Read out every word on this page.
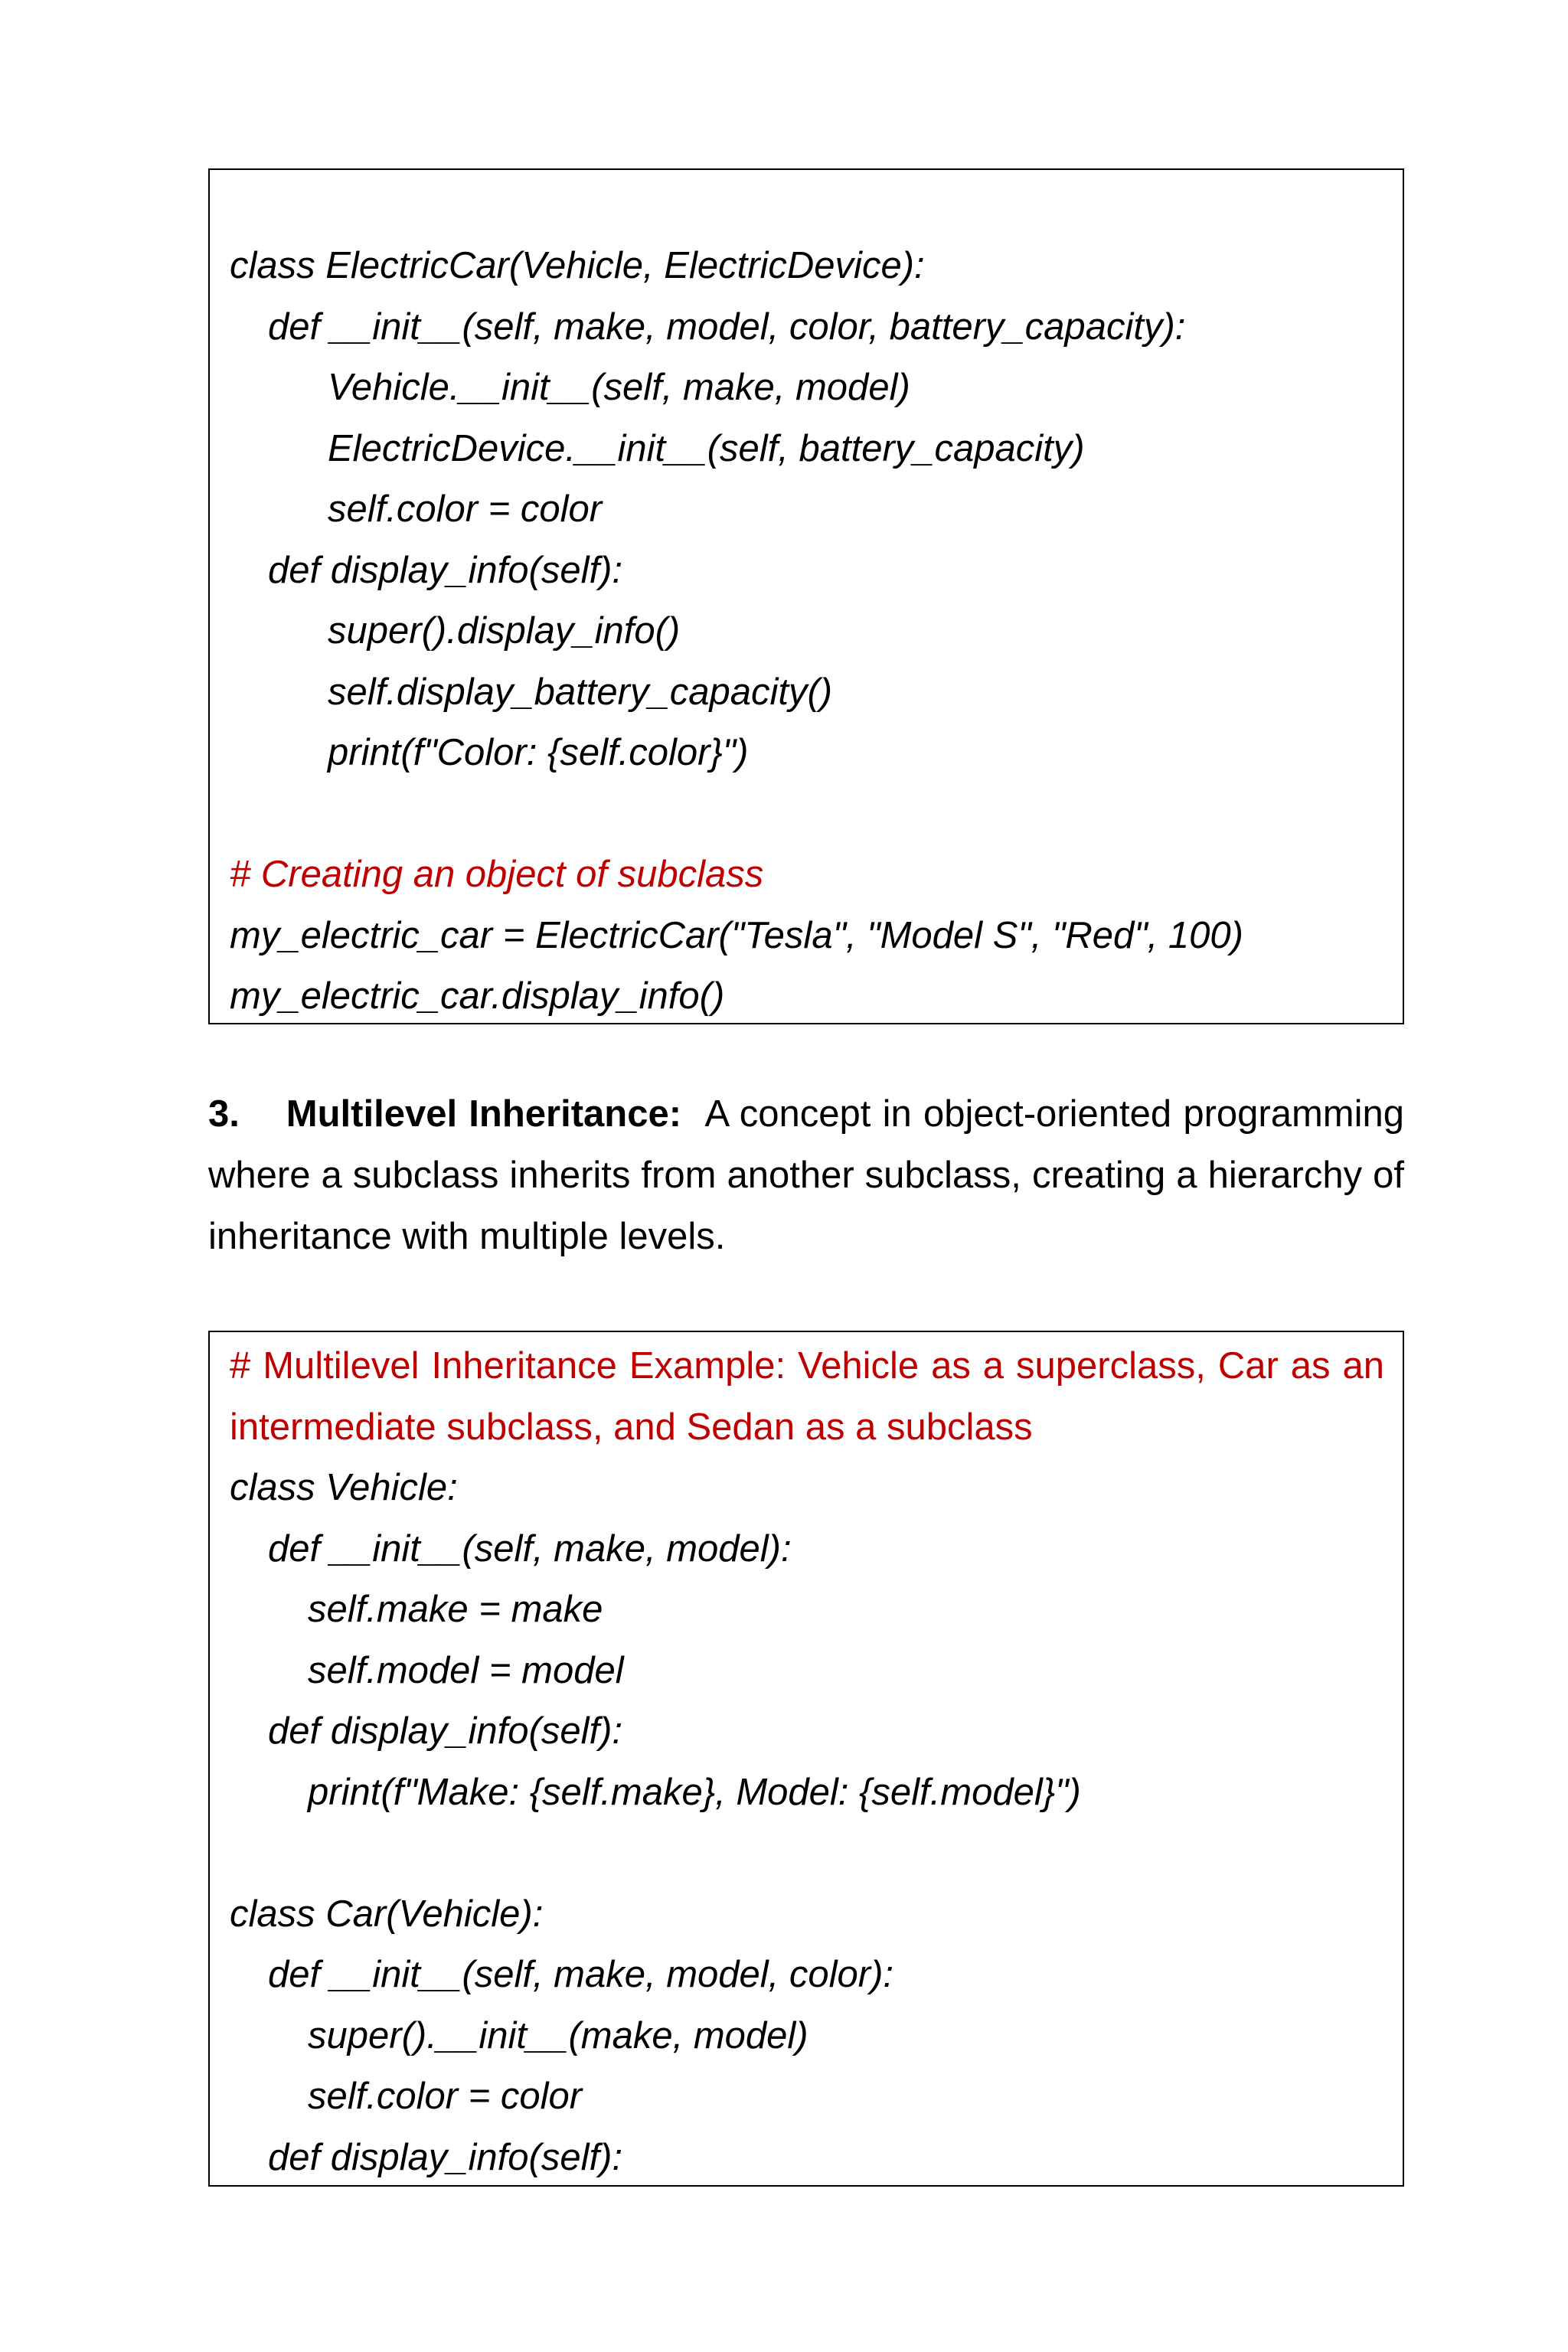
class ElectricCar(Vehicle, ElectricDevice):
def __init__(self, make, model, color, battery_capacity):
Vehicle.__init__(self, make, model)
ElectricDevice.__init__(self, battery_capacity)
self.color = color
def display_info(self):
super().display_info()
self.display_battery_capacity()
print(f"Color: {self.color}")
# Creating an object of subclass
my_electric_car = ElectricCar("Tesla", "Model S", "Red", 100)
my_electric_car.display_info()
3. Multilevel Inheritance: A concept in object-oriented programming where a subclass inherits from another subclass, creating a hierarchy of inheritance with multiple levels.
# Multilevel Inheritance Example: Vehicle as a superclass, Car as an intermediate subclass, and Sedan as a subclass
class Vehicle:
def __init__(self, make, model):
self.make = make
self.model = model
def display_info(self):
print(f"Make: {self.make}, Model: {self.model}")
class Car(Vehicle):
def __init__(self, make, model, color):
super().__init__(make, model)
self.color = color
def display_info(self):
